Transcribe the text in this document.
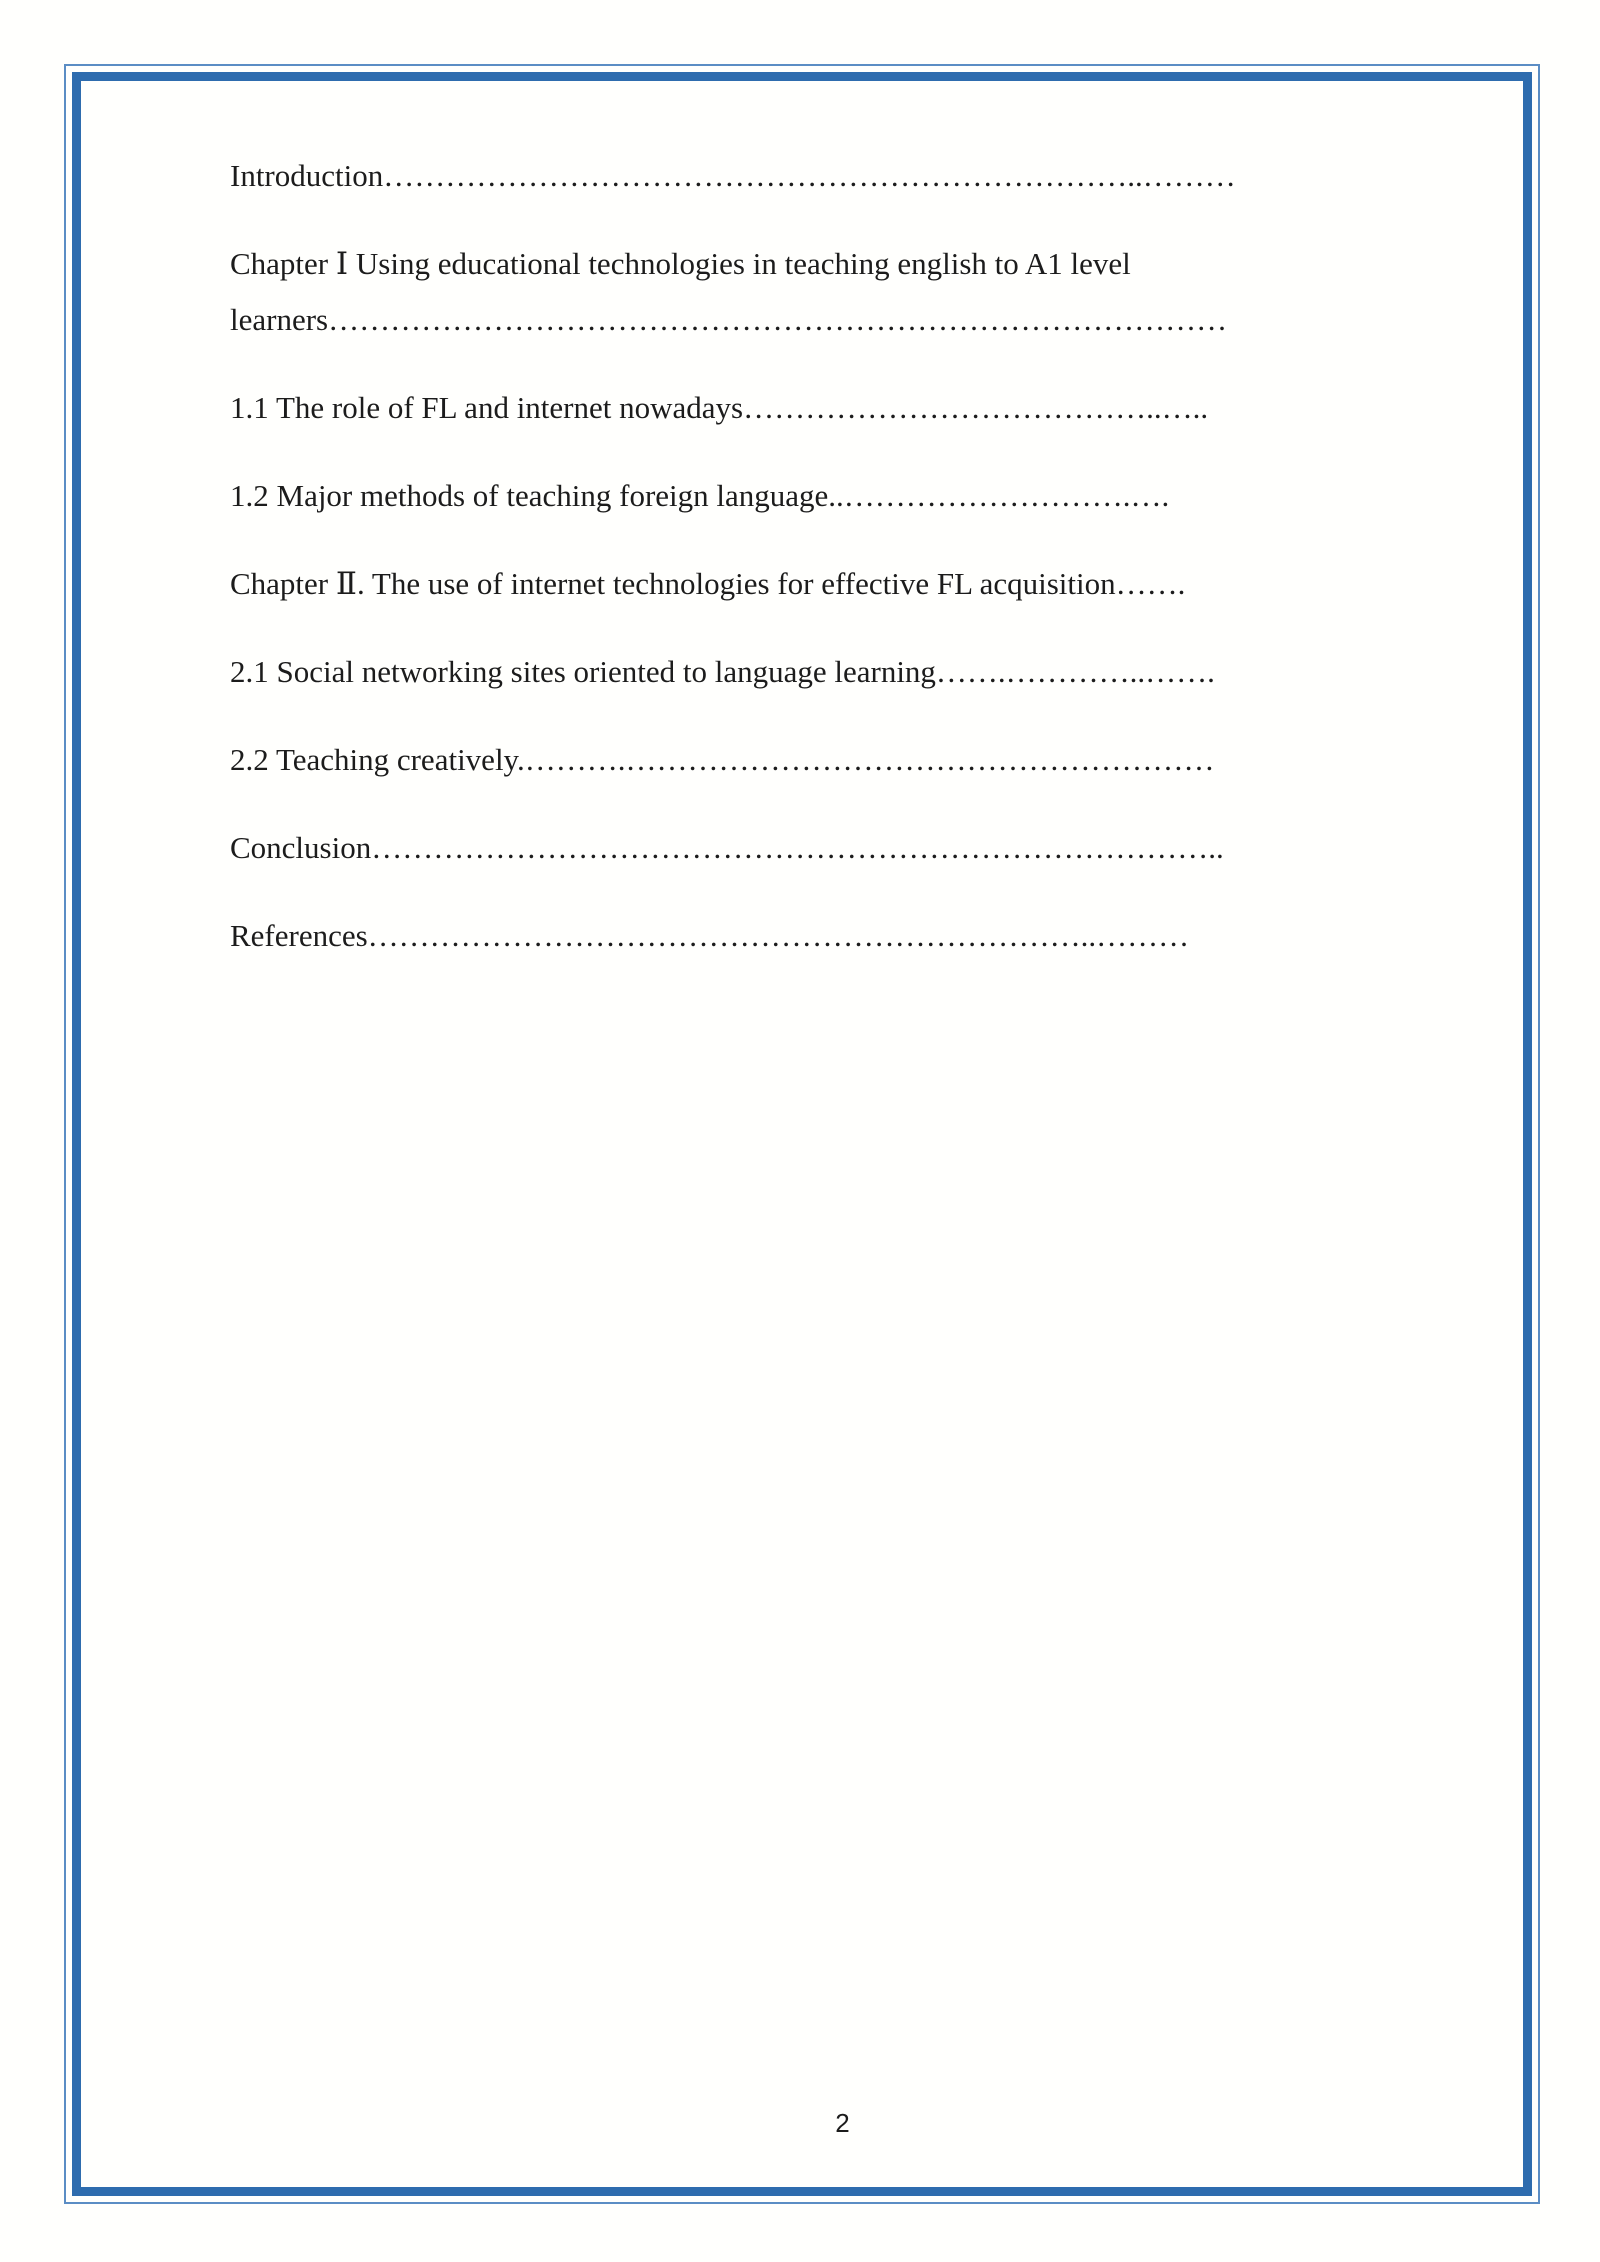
Introduction………………………………………………………………..………

Chapter Ⅰ Using educational technologies in teaching english to A1 level
learners……………………………………………………………………………

1.1 The role of FL and internet nowadays…………………………………..…..

1.2 Major methods of teaching foreign language..……………………….….

Chapter Ⅱ. The use of internet technologies for effective FL acquisition…….

2.1 Social networking sites oriented to language learning…….…………..…….

2.2 Teaching creatively.……….…………………………………………………

Conclusion………………………………………………………………………..

References……………………………………………………………..………

2
